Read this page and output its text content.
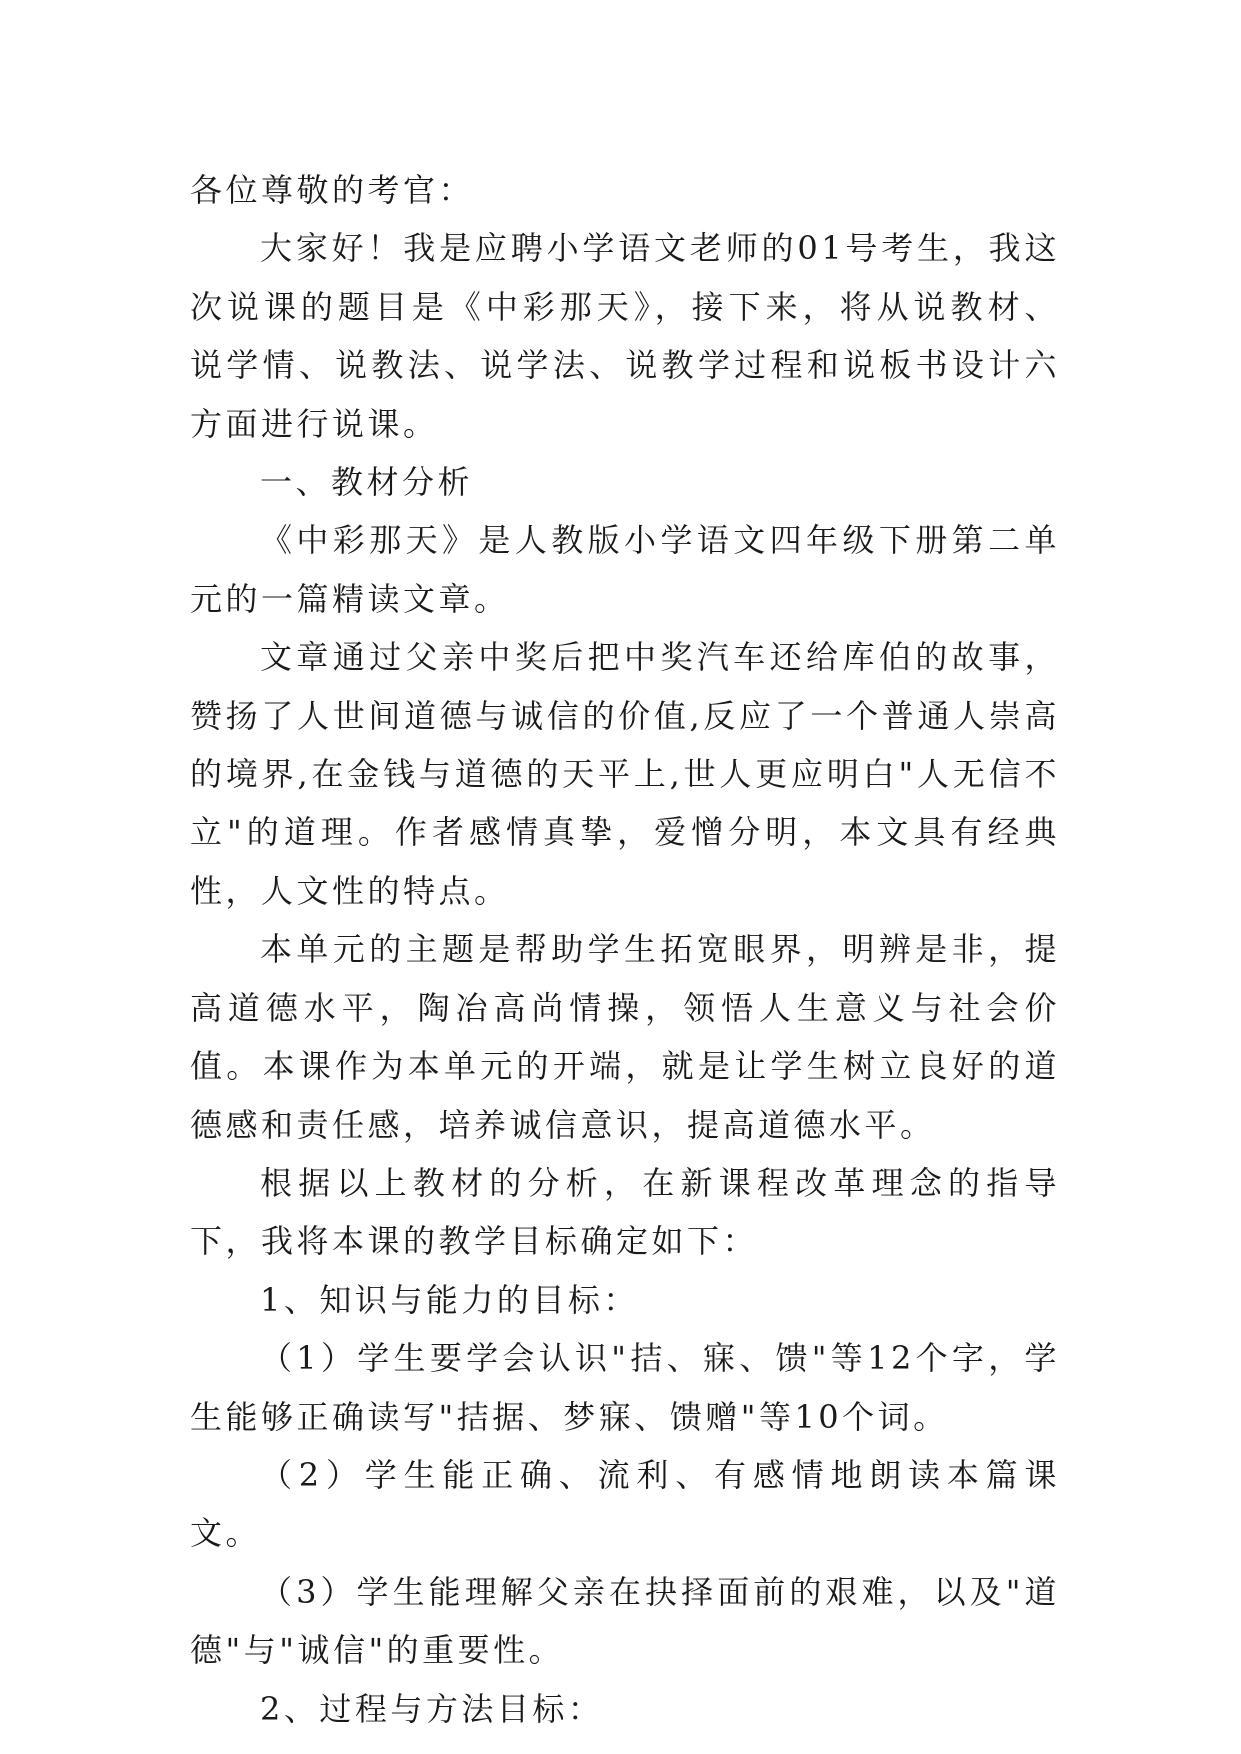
各位尊敬的考官：

大家好！我是应聘小学语文老师的01号考生，我这次说课的题目是《中彩那天》，接下来，将从说教材、说学情、说教法、说学法、说教学过程和说板书设计六方面进行说课。

一、教材分析

《中彩那天》是人教版小学语文四年级下册第二单元的一篇精读文章。

文章通过父亲中奖后把中奖汽车还给库伯的故事，赞扬了人世间道德与诚信的价值,反应了一个普通人崇高的境界,在金钱与道德的天平上,世人更应明白"人无信不立"的道理。作者感情真挚，爱憎分明，本文具有经典性，人文性的特点。

本单元的主题是帮助学生拓宽眼界，明辨是非，提高道德水平，陶冶高尚情操，领悟人生意义与社会价值。本课作为本单元的开端，就是让学生树立良好的道德感和责任感，培养诚信意识，提高道德水平。

根据以上教材的分析，在新课程改革理念的指导下，我将本课的教学目标确定如下：

1、知识与能力的目标：

（1）学生要学会认识"拮、寐、馈"等12个字，学生能够正确读写"拮据、梦寐、馈赠"等10个词。

（2）学生能正确、流利、有感情地朗读本篇课文。

（3）学生能理解父亲在抉择面前的艰难，以及"道德"与"诚信"的重要性。

2、过程与方法目标：
